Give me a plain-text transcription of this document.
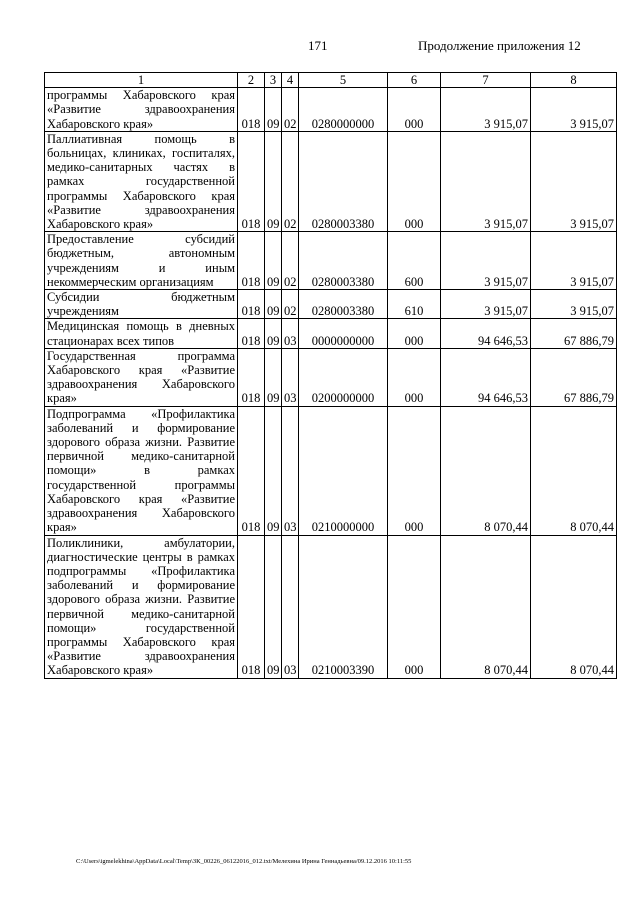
171	Продолжение приложения 12
1	2	3	4	5	6	7	8
программы Хабаровского края «Развитие здравоохранения Хабаровского края»	018	09	02	0280000000	000	3 915,07	3 915,07
Паллиативная помощь в больницах, клиниках, госпиталях, медико-санитарных частях в рамках государственной программы Хабаровского края «Развитие здравоохранения Хабаровского края»	018	09	02	0280003380	000	3 915,07	3 915,07
Предоставление субсидий бюджетным, автономным учреждениям и иным некоммерческим организациям	018	09	02	0280003380	600	3 915,07	3 915,07
Субсидии бюджетным учреждениям	018	09	02	0280003380	610	3 915,07	3 915,07
Медицинская помощь в дневных стационарах всех типов	018	09	03	0000000000	000	94 646,53	67 886,79
Государственная программа Хабаровского края «Развитие здравоохранения Хабаровского края»	018	09	03	0200000000	000	94 646,53	67 886,79
Подпрограмма «Профилактика заболеваний и формирование здорового образа жизни. Развитие первичной медико-санитарной помощи» в рамках государственной программы Хабаровского края «Развитие здравоохранения Хабаровского края»	018	09	03	0210000000	000	8 070,44	8 070,44
Поликлиники, амбулатории, диагностические центры в рамках подпрограммы «Профилактика заболеваний и формирование здорового образа жизни. Развитие первичной медико-санитарной помощи» государственной программы Хабаровского края «Развитие здравоохранения Хабаровского края»	018	09	03	0210003390	000	8 070,44	8 070,44
C:\Users\igmelekhina\AppData\Local\Temp\ЗК_00226_06122016_012.txt/Мелехина Ирина Геннадьевна/09.12.2016 10:11:55
